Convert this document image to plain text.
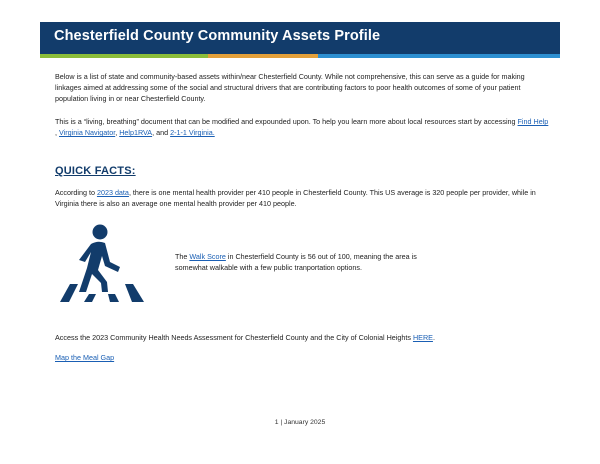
Chesterfield County Community Assets Profile

Below is a list of state and community-based assets within/near Chesterfield County. While not comprehensive, this can serve as a guide for making linkages aimed at addressing some of the social and structural drivers that are contributing factors to poor health outcomes of some of your patient population living in or near Chesterfield County.

This is a “living, breathing” document that can be modified and expounded upon. To help you learn more about local resources start by accessing Find Help , Virginia Navigator, Help1RVA, and 2-1-1 Virginia.

QUICK FACTS:

According to 2023 data, there is one mental health provider per 410 people in Chesterfield County. This US average is 320 people per provider, while in Virginia there is also an average one mental health provider per 410 people.

The Walk Score in Chesterfield County is 56 out of 100, meaning the area is somewhat walkable with a few public tranportation options.

Access the 2023 Community Health Needs Assessment for Chesterfield County and the City of Colonial Heights HERE.

Map the Meal Gap

1 | January 2025
